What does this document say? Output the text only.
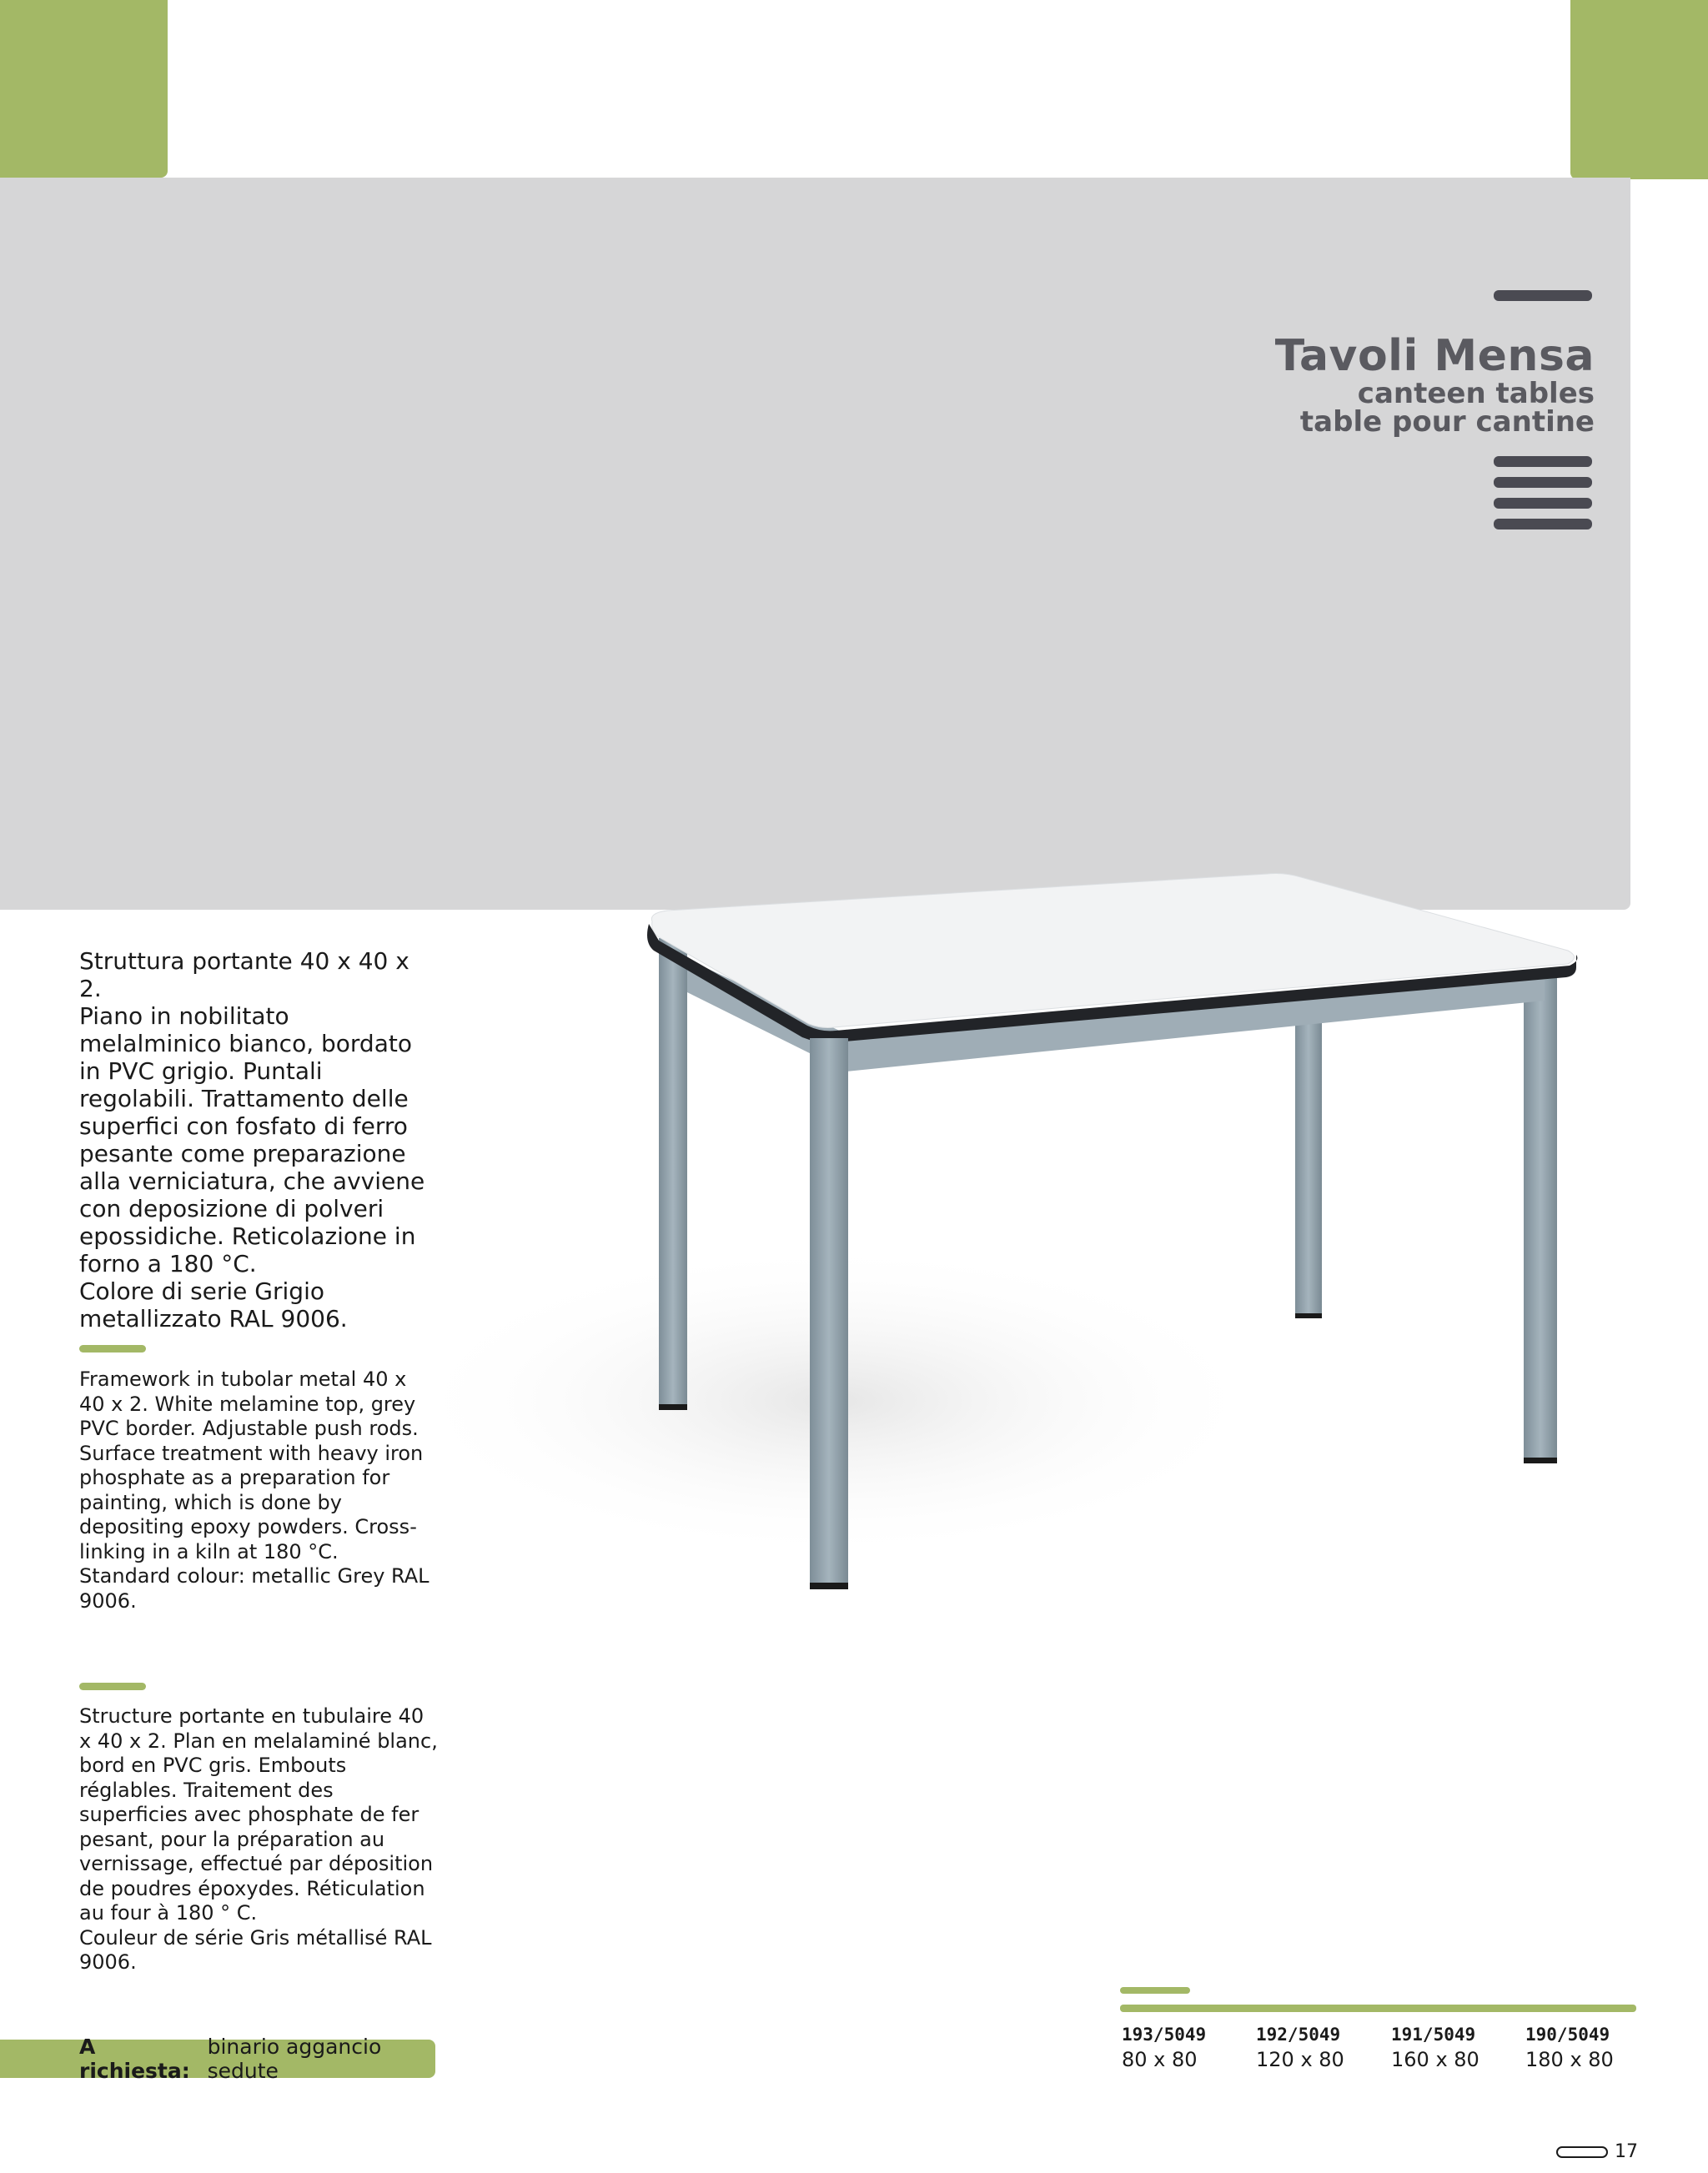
Tavoli Mensa
canteen tables
table pour cantine
Struttura portante 40 x 40 x 2.
Piano in nobilitato melalminico bianco, bordato in PVC grigio. Puntali regolabili. Trattamento delle superfici con fosfato di ferro pesante come preparazione alla verniciatura, che avviene con deposizione di polveri epossidiche. Reticolazione in forno a 180 °C.
Colore di serie Grigio metallizzato RAL 9006.
Framework in tubolar metal 40 x 40 x 2. White melamine top, grey PVC border. Adjustable push rods. Surface treatment with heavy iron phosphate as a preparation for painting, which is done by depositing epoxy powders. Cross-linking in a kiln at 180 °C.
Standard colour: metallic Grey RAL 9006.
Structure portante en tubulaire 40 x 40 x 2. Plan en melalaminé blanc, bord en PVC gris. Embouts réglables. Traitement des superficies avec phosphate de fer pesant, pour la préparation au vernissage, effectué par déposition de poudres époxydes. Réticulation au four à 180 ° C.
Couleur de série Gris métallisé RAL 9006.
A richiesta:
binario aggancio sedute
193/5049
80 x 80
192/5049
120 x 80
191/5049
160 x 80
190/5049
180 x 80
17
